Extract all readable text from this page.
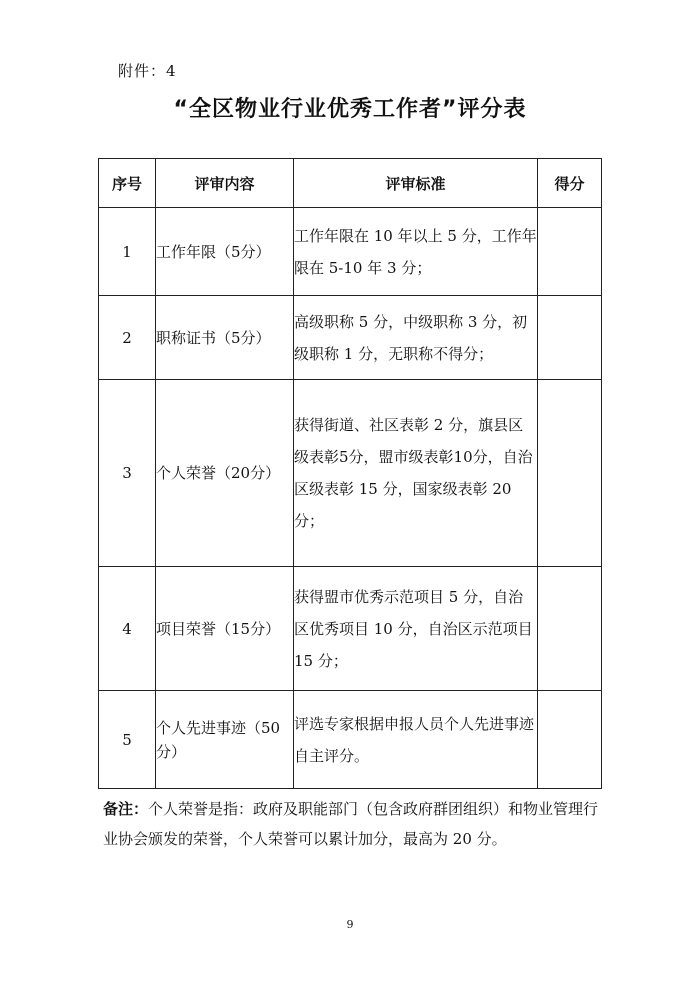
附件：4
“全区物业行业优秀工作者”评分表
序号	评审内容	评审标准	得分
1	工作年限（5分）	工作年限在 10 年以上 5 分，工作年限在 5-10 年 3 分；	
2	职称证书（5分）	高级职称 5 分，中级职称 3 分，初级职称 1 分，无职称不得分；	
3	个人荣誉（20分）	获得街道、社区表彰 2 分，旗县区级表彰5分，盟市级表彰10分，自治区级表彰 15 分，国家级表彰 20 分；	
4	项目荣誉（15分）	获得盟市优秀示范项目 5 分，自治区优秀项目 10 分，自治区示范项目 15 分；	
5	个人先进事迹（50分）	评选专家根据申报人员个人先进事迹自主评分。	
备注：个人荣誉是指：政府及职能部门（包含政府群团组织）和物业管理行业协会颁发的荣誉，个人荣誉可以累计加分，最高为 20 分。
9
